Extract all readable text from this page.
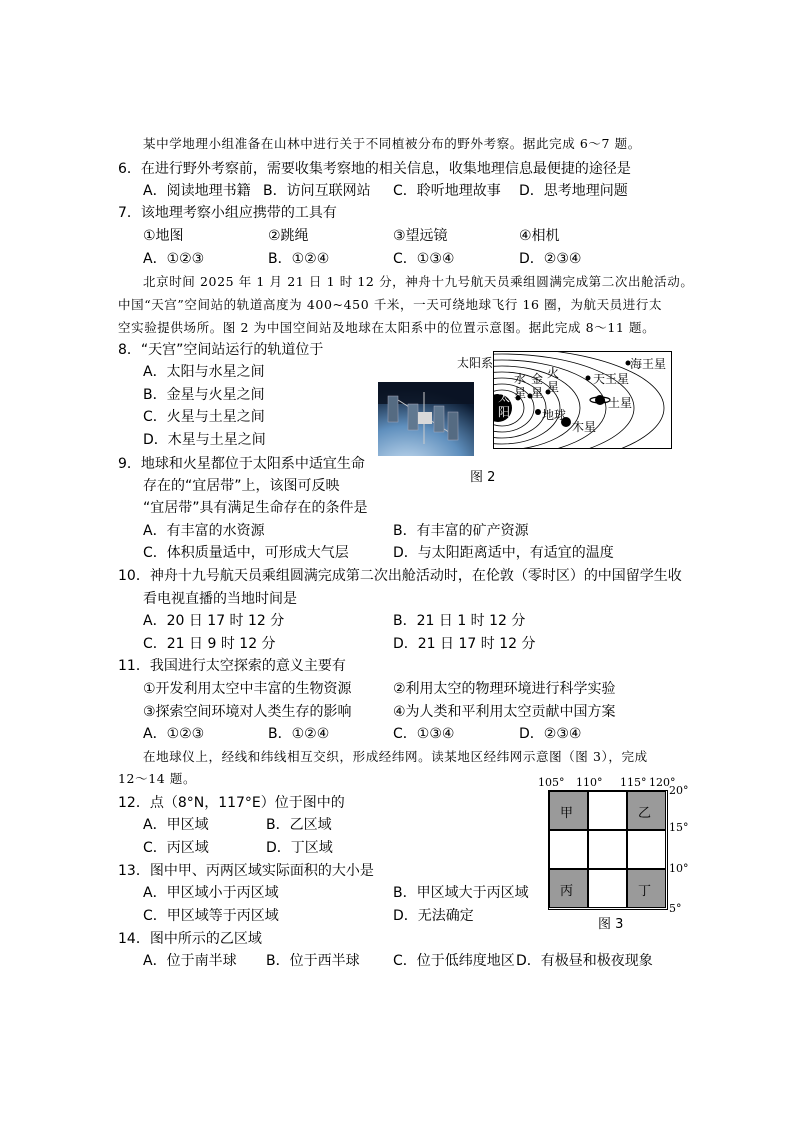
某中学地理小组准备在山林中进行关于不同植被分布的野外考察。据此完成 6～7 题。
6．在进行野外考察前，需要收集考察地的相关信息，收集地理信息最便捷的途径是
A．阅读地理书籍 B．访问互联网站 C．聆听地理故事 D．思考地理问题
7．该地理考察小组应携带的工具有
①地图	②跳绳	③望远镜	④相机
A．①②③	B．①②④	C．①③④	D．②③④
北京时间 2025 年 1 月 21 日 1 时 12 分，神舟十九号航天员乘组圆满完成第二次出舱活动。
中国“天宫”空间站的轨道高度为 400~450 千米，一天可绕地球飞行 16 圈，为航天员进行太
空实验提供场所。图 2 为中国空间站及地球在太阳系中的位置示意图。据此完成 8～11 题。
8．“天宫”空间站运行的轨道位于
A．太阳与水星之间
B．金星与火星之间
C．火星与土星之间
D．木星与土星之间
太
阳
水星
金星
火星
地球
木星
土星
天王星
海王星
太阳系
图 2
9．地球和火星都位于太阳系中适宜生命
存在的“宜居带”上，该图可反映
“宜居带”具有满足生命存在的条件是
A．有丰富的水资源	B．有丰富的矿产资源
C．体积质量适中，可形成大气层	D．与太阳距离适中，有适宜的温度
10．神舟十九号航天员乘组圆满完成第二次出舱活动时，在伦敦（零时区）的中国留学生收
看电视直播的当地时间是
A．20 日 17 时 12 分	B．21 日 1 时 12 分
C．21 日 9 时 12 分	D．21 日 17 时 12 分
11．我国进行太空探索的意义主要有
①开发利用太空中丰富的生物资源	②利用太空的物理环境进行科学实验
③探索空间环境对人类生存的影响	④为人类和平利用太空贡献中国方案
A．①②③	B．①②④	C．①③④	D．②③④
在地球仪上，经线和纬线相互交织，形成经纬网。读某地区经纬网示意图（图 3），完成
12～14 题。
12．点（8°N，117°E）位于图中的
A．甲区域	B．乙区域
C．丙区域	D．丁区域
13．图中甲、丙两区域实际面积的大小是
A．甲区域小于丙区域	B．甲区域大于丙区域
C．甲区域等于丙区域	D．无法确定
14．图中所示的乙区域
A．位于南半球 B．位于西半球 C．位于低纬度地区 D．有极昼和极夜现象
105° 110° 115° 120°
20°
15°
10°
5°
甲	乙
丙	丁
图 3
